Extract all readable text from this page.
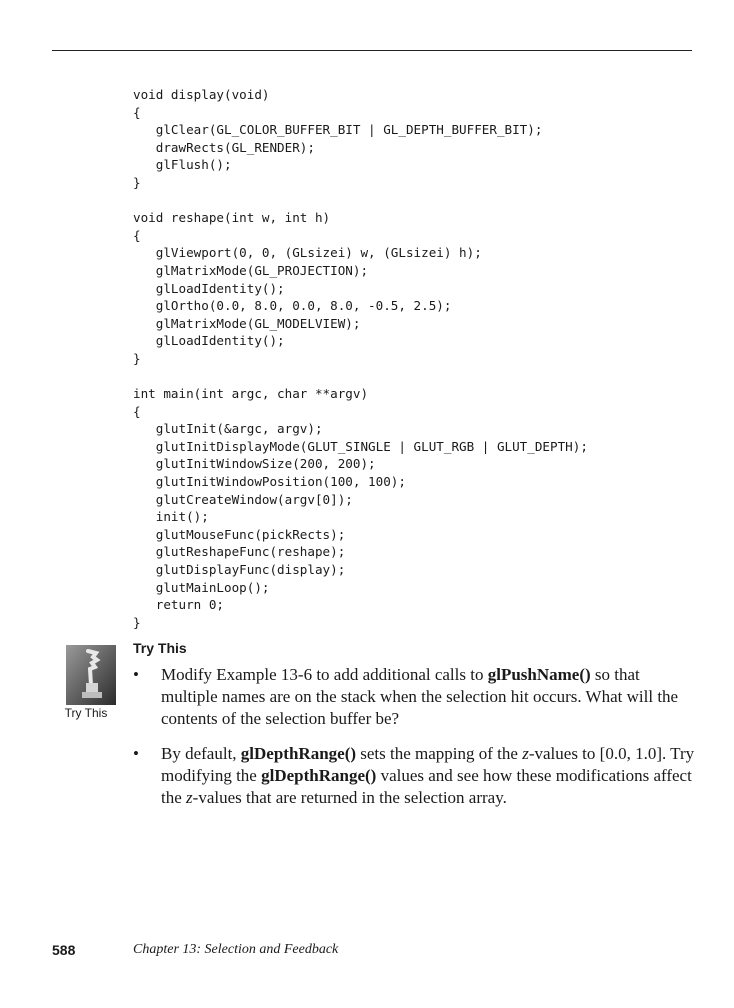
void display(void)
{
glClear(GL_COLOR_BUFFER_BIT | GL_DEPTH_BUFFER_BIT);
drawRects(GL_RENDER);
glFlush();
}
void reshape(int w, int h)
{
glViewport(0, 0, (GLsizei) w, (GLsizei) h);
glMatrixMode(GL_PROJECTION);
glLoadIdentity();
glOrtho(0.0, 8.0, 0.0, 8.0, -0.5, 2.5);
glMatrixMode(GL_MODELVIEW);
glLoadIdentity();
}
int main(int argc, char **argv)
{
glutInit(&argc, argv);
glutInitDisplayMode(GLUT_SINGLE | GLUT_RGB | GLUT_DEPTH);
glutInitWindowSize(200, 200);
glutInitWindowPosition(100, 100);
glutCreateWindow(argv[0]);
init();
glutMouseFunc(pickRects);
glutReshapeFunc(reshape);
glutDisplayFunc(display);
glutMainLoop();
return 0;
}
Try This
Try This
• Modify Example 13-6 to add additional calls to glPushName() so that multiple names are on the stack when the selection hit occurs. What will the contents of the selection buffer be?
• By default, glDepthRange() sets the mapping of the z-values to [0.0, 1.0]. Try modifying the glDepthRange() values and see how these modifications affect the z-values that are returned in the selection array.
588	Chapter 13: Selection and Feedback
